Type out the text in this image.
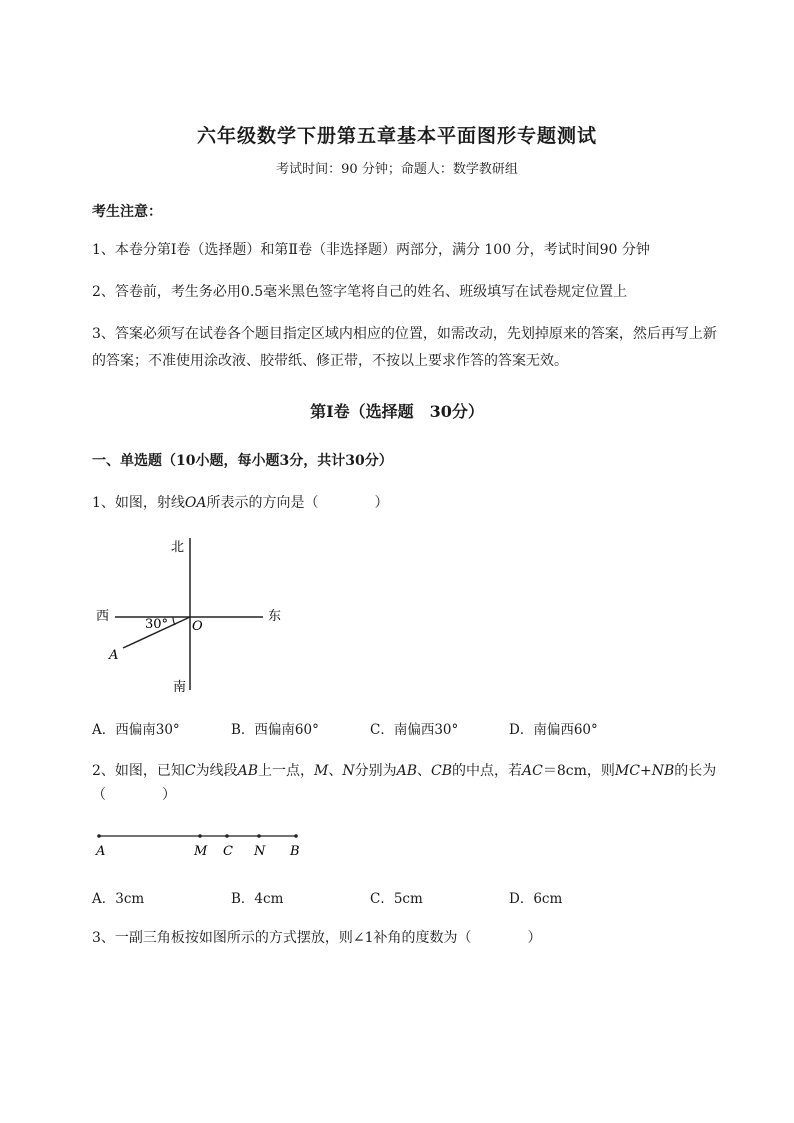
六年级数学下册第五章基本平面图形专题测试
考试时间：90 分钟；命题人：数学教研组
考生注意：
1、本卷分第Ⅰ卷（选择题）和第Ⅱ卷（非选择题）两部分，满分 100 分，考试时间90 分钟
2、答卷前，考生务必用0.5毫米黑色签字笔将自己的姓名、班级填写在试卷规定位置上
3、答案必须写在试卷各个题目指定区域内相应的位置，如需改动，先划掉原来的答案，然后再写上新
的答案；不准使用涂改液、胶带纸、修正带，不按以上要求作答的答案无效。
第Ⅰ卷（选择题　30分）
一、单选题（10小题，每小题3分，共计30分）
1、如图，射线OA所表示的方向是（　　　　）
北
南
东
西
30° O
A
A．西偏南30°	B．西偏南60°	C．南偏西30°	D．南偏西60°
2、如图，已知C为线段AB上一点，M、N分别为AB、CB的中点，若AC＝8cm，则MC+NB的长为
（　　　　）
A	M C N B
A．3cm	B．4cm	C．5cm	D．6cm
3、一副三角板按如图所示的方式摆放，则∠1补角的度数为（　　　　）
